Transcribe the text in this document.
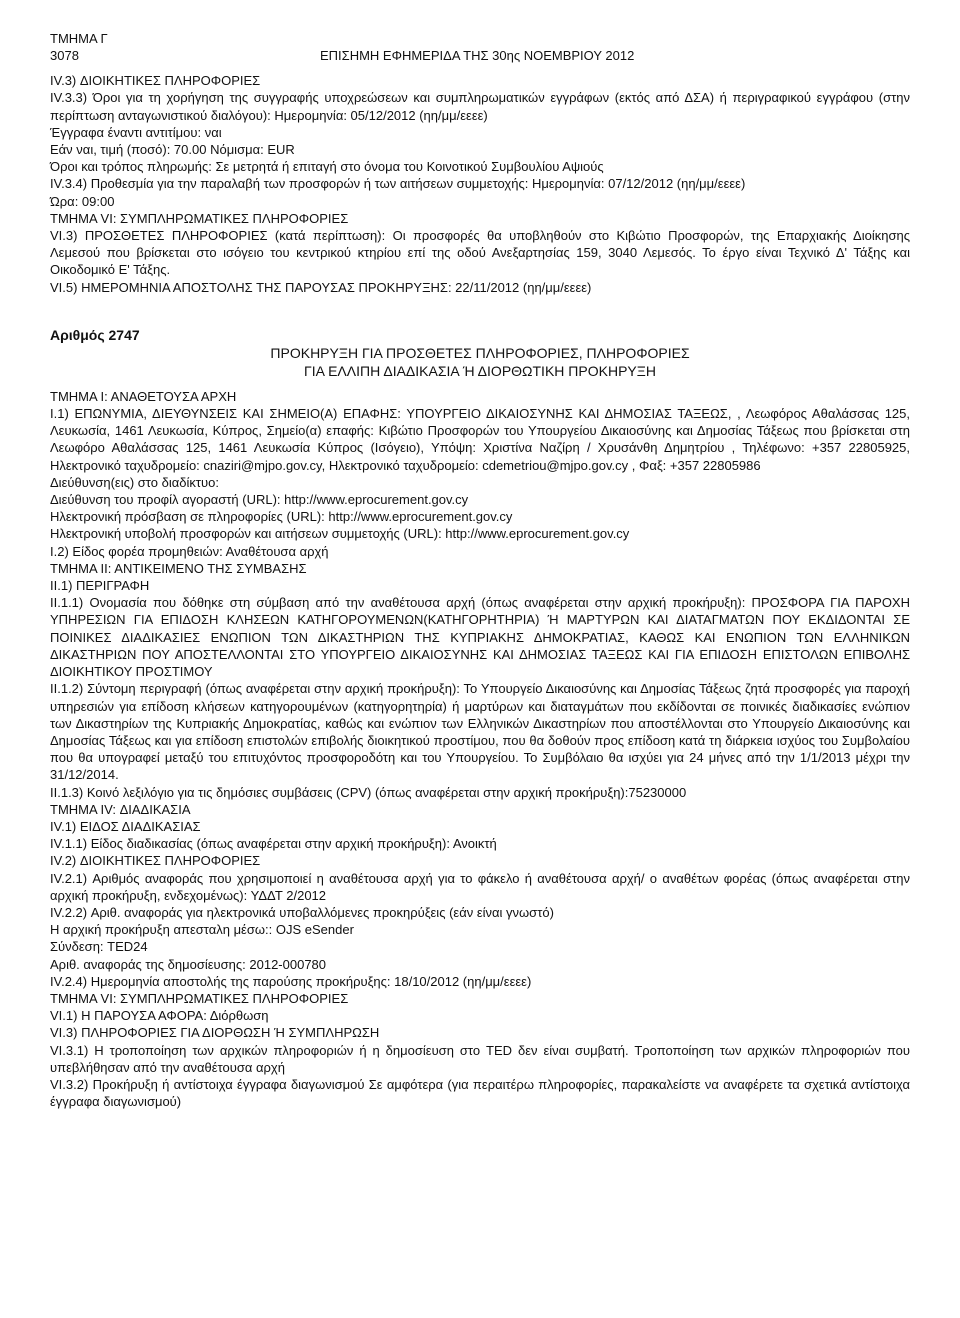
ΤΜΗΜΑ Γ
3078	ΕΠΙΣΗΜΗ ΕΦΗΜΕΡΙΔΑ ΤΗΣ 30ης ΝΟΕΜΒΡΙΟΥ 2012
IV.3) ΔΙΟΙΚΗΤΙΚΕΣ ΠΛΗΡΟΦΟΡΙΕΣ
IV.3.3) Όροι για τη χορήγηση της συγγραφής υποχρεώσεων και συμπληρωματικών εγγράφων (εκτός από ΔΣΑ) ή περιγραφικού εγγράφου (στην περίπτωση ανταγωνιστικού διαλόγου): Ημερομηνία: 05/12/2012 (ηη/μμ/εεεε)
Έγγραφα έναντι αντιτίμου: ναι
Εάν ναι, τιμή (ποσό): 70.00 Νόμισμα: EUR
Όροι και τρόπος πληρωμής: Σε μετρητά ή επιταγή στο όνομα του Κοινοτικού Συμβουλίου Αψιούς
IV.3.4) Προθεσμία για την παραλαβή των προσφορών ή των αιτήσεων συμμετοχής: Ημερομηνία: 07/12/2012 (ηη/μμ/εεεε)
Ώρα: 09:00
ΤΜΗΜΑ VI: ΣΥΜΠΛΗΡΩΜΑΤΙΚΕΣ ΠΛΗΡΟΦΟΡΙΕΣ
VI.3) ΠΡΟΣΘΕΤΕΣ ΠΛΗΡΟΦΟΡΙΕΣ (κατά περίπτωση): Οι προσφορές θα υποβληθούν στο Κιβώτιο Προσφορών, της Επαρχιακής Διοίκησης Λεμεσού που βρίσκεται στο ισόγειο του κεντρικού κτηρίου επί της οδού Ανεξαρτησίας 159, 3040 Λεμεσός. Το έργο είναι Τεχνικό Δ' Τάξης και Οικοδομικό Ε' Τάξης.
VI.5) ΗΜΕΡΟΜΗΝΙΑ ΑΠΟΣΤΟΛΗΣ ΤΗΣ ΠΑΡΟΥΣΑΣ ΠΡΟΚΗΡΥΞΗΣ: 22/11/2012 (ηη/μμ/εεεε)
Αριθμός 2747
ΠΡΟΚΗΡΥΞΗ ΓΙΑ ΠΡΟΣΘΕΤΕΣ ΠΛΗΡΟΦΟΡΙΕΣ, ΠΛΗΡΟΦΟΡΙΕΣ
ΓΙΑ ΕΛΛΙΠΗ ΔΙΑΔΙΚΑΣΙΑ Ή ΔΙΟΡΘΩΤΙΚΗ ΠΡΟΚΗΡΥΞΗ
ΤΜΗΜΑ Ι: ΑΝΑΘΕΤΟΥΣΑ ΑΡΧΗ
I.1) ΕΠΩΝΥΜΙΑ, ΔΙΕΥΘΥΝΣΕΙΣ ΚΑΙ ΣΗΜΕΙΟ(Α) ΕΠΑΦΗΣ: ΥΠΟΥΡΓΕΙΟ ΔΙΚΑΙΟΣΥΝΗΣ ΚΑΙ ΔΗΜΟΣΙΑΣ ΤΑΞΕΩΣ, , Λεωφόρος Αθαλάσσας 125, Λευκωσία, 1461 Λευκωσία, Κύπρος, Σημείο(α) επαφής: Κιβώτιο Προσφορών του Υπουργείου Δικαιοσύνης και Δημοσίας Τάξεως που βρίσκεται στη Λεωφόρο Αθαλάσσας 125, 1461 Λευκωσία Κύπρος (Ισόγειο), Υπόψη: Χριστίνα Ναζίρη / Χρυσάνθη Δημητρίου , Τηλέφωνο: +357 22805925, Ηλεκτρονικό ταχυδρομείο: cnaziri@mjpo.gov.cy, Ηλεκτρονικό ταχυδρομείο: cdemetriou@mjpo.gov.cy , Φαξ: +357 22805986
Διεύθυνση(εις) στο διαδίκτυο:
Διεύθυνση του προφίλ αγοραστή (URL): http://www.eprocurement.gov.cy
Ηλεκτρονική πρόσβαση σε πληροφορίες (URL): http://www.eprocurement.gov.cy
Ηλεκτρονική υποβολή προσφορών και αιτήσεων συμμετοχής (URL): http://www.eprocurement.gov.cy
I.2) Είδος φορέα προμηθειών: Αναθέτουσα αρχή
ΤΜΗΜΑ ΙΙ: ΑΝΤΙΚΕΙΜΕΝΟ ΤΗΣ ΣΥΜΒΑΣΗΣ
II.1) ΠΕΡΙΓΡΑΦΗ
II.1.1) Ονομασία που δόθηκε στη σύμβαση από την αναθέτουσα αρχή (όπως αναφέρεται στην αρχική προκήρυξη): ΠΡΟΣΦΟΡΑ ΓΙΑ ΠΑΡΟΧΗ ΥΠΗΡΕΣΙΩΝ ΓΙΑ ΕΠΙΔΟΣΗ ΚΛΗΣΕΩΝ ΚΑΤΗΓΟΡΟΥΜΕΝΩΝ(ΚΑΤΗΓΟΡΗΤΗΡΙΑ) Ή ΜΑΡΤΥΡΩΝ ΚΑΙ ΔΙΑΤΑΓΜΑΤΩΝ ΠΟΥ ΕΚΔΙΔΟΝΤΑΙ ΣΕ ΠΟΙΝΙΚΕΣ ΔΙΑΔΙΚΑΣΙΕΣ ΕΝΩΠΙΟΝ ΤΩΝ ΔΙΚΑΣΤΗΡΙΩΝ ΤΗΣ ΚΥΠΡΙΑΚΗΣ ΔΗΜΟΚΡΑΤΙΑΣ, ΚΑΘΩΣ ΚΑΙ ΕΝΩΠΙΟΝ ΤΩΝ ΕΛΛΗΝΙΚΩΝ ΔΙΚΑΣΤΗΡΙΩΝ ΠΟΥ ΑΠΟΣΤΕΛΛΟΝΤΑΙ ΣΤΟ ΥΠΟΥΡΓΕΙΟ ΔΙΚΑΙΟΣΥΝΗΣ ΚΑΙ ΔΗΜΟΣΙΑΣ ΤΑΞΕΩΣ ΚΑΙ ΓΙΑ ΕΠΙΔΟΣΗ ΕΠΙΣΤΟΛΩΝ ΕΠΙΒΟΛΗΣ ΔΙΟΙΚΗΤΙΚΟΥ ΠΡΟΣΤΙΜΟΥ
II.1.2) Σύντομη περιγραφή (όπως αναφέρεται στην αρχική προκήρυξη): Το Υπουργείο Δικαιοσύνης και Δημοσίας Τάξεως ζητά προσφορές για παροχή υπηρεσιών για επίδοση κλήσεων κατηγορουμένων (κατηγορητηρία) ή μαρτύρων και διαταγμάτων που εκδίδονται σε ποινικές διαδικασίες ενώπιον των Δικαστηρίων της Κυπριακής Δημοκρατίας, καθώς και ενώπιον των Ελληνικών Δικαστηρίων που αποστέλλονται στο Υπουργείο Δικαιοσύνης και Δημοσίας Τάξεως και για επίδοση επιστολών επιβολής διοικητικού προστίμου, που θα δοθούν προς επίδοση κατά τη διάρκεια ισχύος του Συμβολαίου που θα υπογραφεί μεταξύ του επιτυχόντος προσφοροδότη και του Υπουργείου. Το Συμβόλαιο θα ισχύει για 24 μήνες από την 1/1/2013 μέχρι την 31/12/2014.
II.1.3) Κοινό λεξιλόγιο για τις δημόσιες συμβάσεις (CPV) (όπως αναφέρεται στην αρχική προκήρυξη):75230000
ΤΜΗΜΑ IV: ΔΙΑΔΙΚΑΣΙΑ
IV.1) ΕΙΔΟΣ ΔΙΑΔΙΚΑΣΙΑΣ
IV.1.1) Είδος διαδικασίας (όπως αναφέρεται στην αρχική προκήρυξη): Ανοικτή
IV.2) ΔΙΟΙΚΗΤΙΚΕΣ ΠΛΗΡΟΦΟΡΙΕΣ
IV.2.1) Αριθμός αναφοράς που χρησιμοποιεί η αναθέτουσα αρχή για το φάκελο ή αναθέτουσα αρχή/ ο αναθέτων φορέας (όπως αναφέρεται στην αρχική προκήρυξη, ενδεχομένως): ΥΔΔΤ 2/2012
IV.2.2) Αριθ. αναφοράς για ηλεκτρονικά υποβαλλόμενες προκηρύξεις (εάν είναι γνωστό)
Η αρχική προκήρυξη απεσταλη μέσω:: OJS eSender
Σύνδεση: TED24
Αριθ. αναφοράς της δημοσίευσης: 2012-000780
IV.2.4) Ημερομηνία αποστολής της παρούσης προκήρυξης: 18/10/2012 (ηη/μμ/εεεε)
ΤΜΗΜΑ VI: ΣΥΜΠΛΗΡΩΜΑΤΙΚΕΣ ΠΛΗΡΟΦΟΡΙΕΣ
VI.1) Η ΠΑΡΟΥΣΑ ΑΦΟΡΑ: Διόρθωση
VI.3) ΠΛΗΡΟΦΟΡΙΕΣ ΓΙΑ ΔΙΟΡΘΩΣΗ Ή ΣΥΜΠΛΗΡΩΣΗ
VI.3.1) Η τροποποίηση των αρχικών πληροφοριών ή η δημοσίευση στο TED δεν είναι συμβατή. Τροποποίηση των αρχικών πληροφοριών που υπεβλήθησαν από την αναθέτουσα αρχή
VI.3.2) Προκήρυξη ή αντίστοιχα έγγραφα διαγωνισμού Σε αμφότερα (για περαιτέρω πληροφορίες, παρακαλείστε να αναφέρετε τα σχετικά αντίστοιχα έγγραφα διαγωνισμού)
